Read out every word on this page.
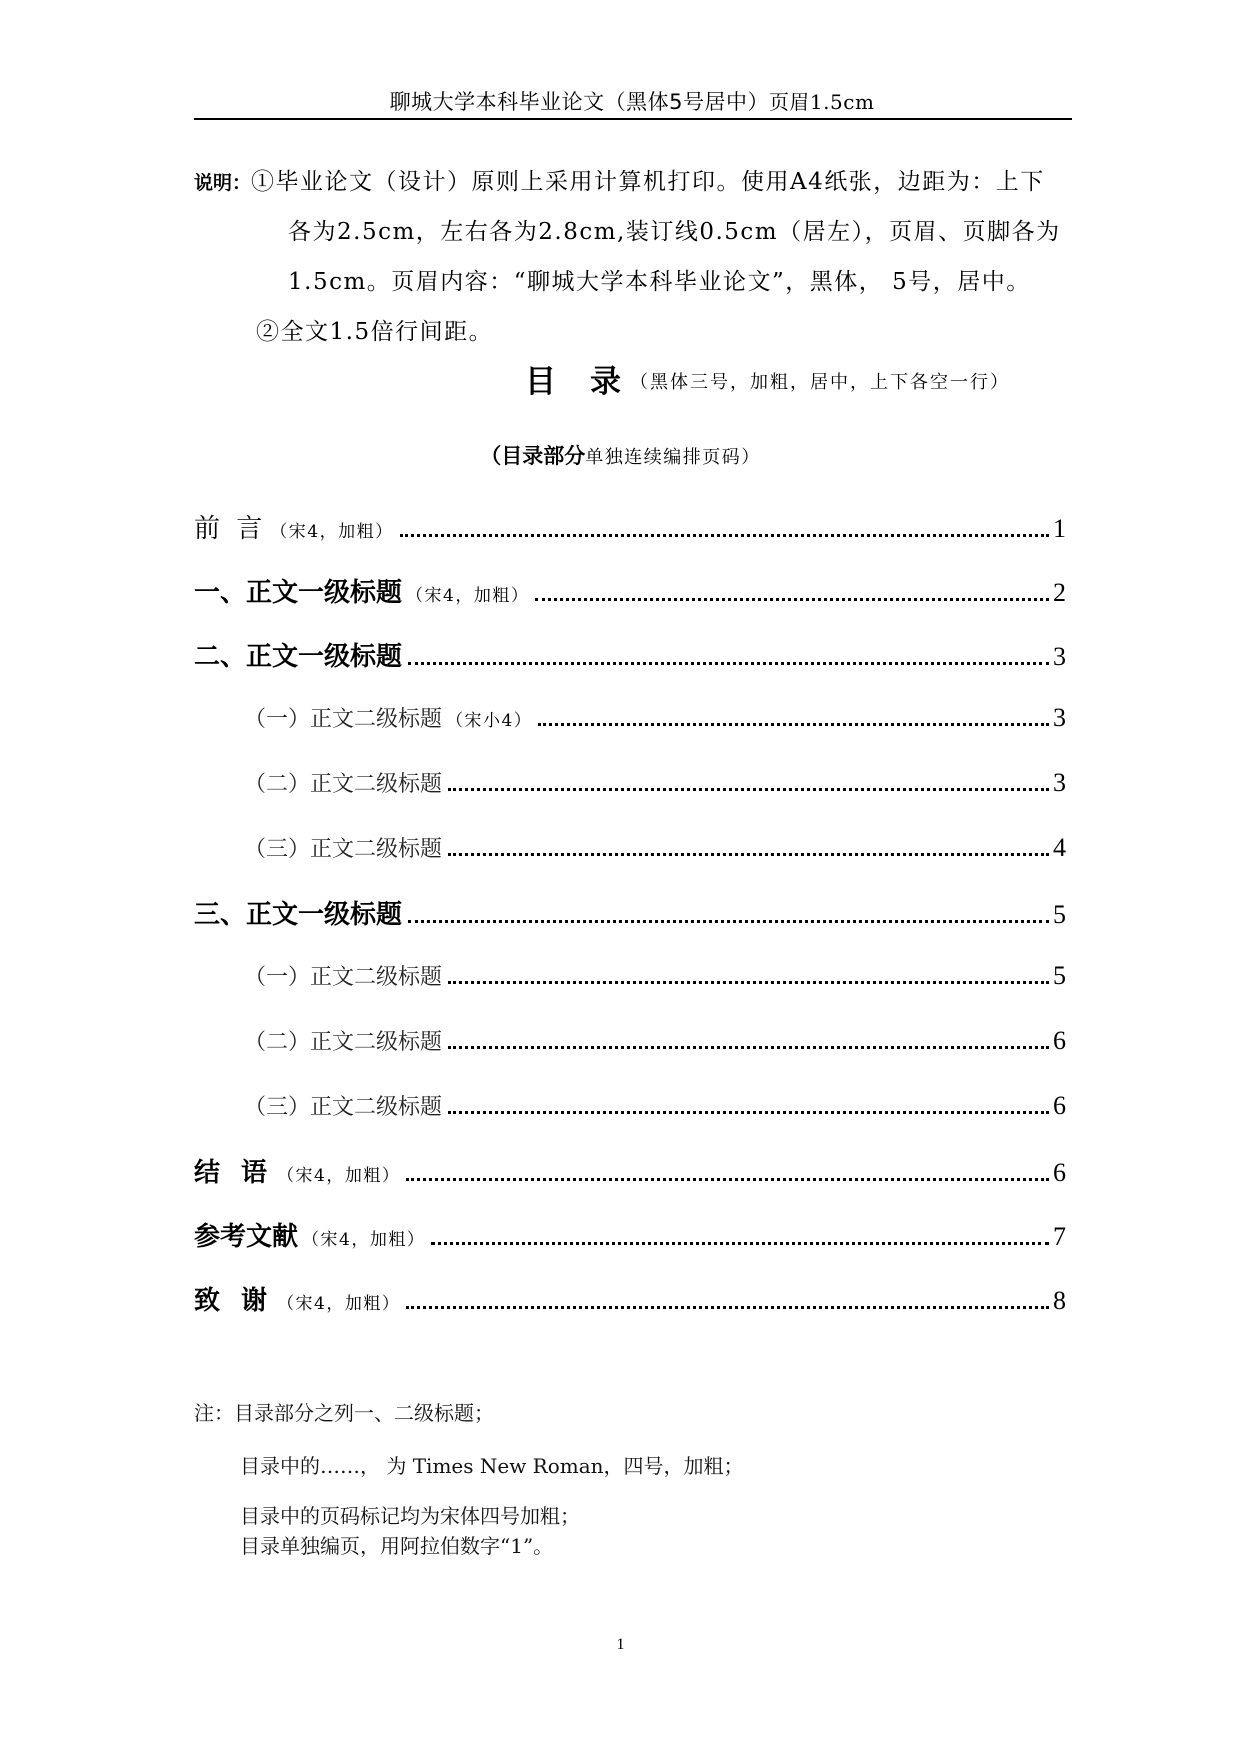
聊城大学本科毕业论文（黑体5号居中）页眉1.5cm
说明：①毕业论文（设计）原则上采用计算机打印。使用A4纸张，边距为：上下
各为2.5cm，左右各为2.8cm,装订线0.5cm（居左），页眉、页脚各为
1.5cm。页眉内容：“聊城大学本科毕业论文”，黑体， 5号，居中。
②全文1.5倍行间距。
目 录 （黑体三号，加粗，居中，上下各空一行）
（目录部分单独连续编排页码）
前 言 （宋4，加粗）	1
一、正文一级标题 （宋4，加粗）	2
二、正文一级标题	3
（一）正文二级标题 （宋小4）	3
（二）正文二级标题	3
（三）正文二级标题	4
三、正文一级标题	5
（一）正文二级标题	5
（二）正文二级标题	6
（三）正文二级标题	6
结 语 （宋4，加粗）	6
参考文献 （宋4，加粗）	7
致 谢 （宋4，加粗）	8
注：目录部分之列一、二级标题；
目录中的……， 为 Times New Roman，四号，加粗；
目录中的页码标记均为宋体四号加粗；
目录单独编页，用阿拉伯数字“1”。
1
